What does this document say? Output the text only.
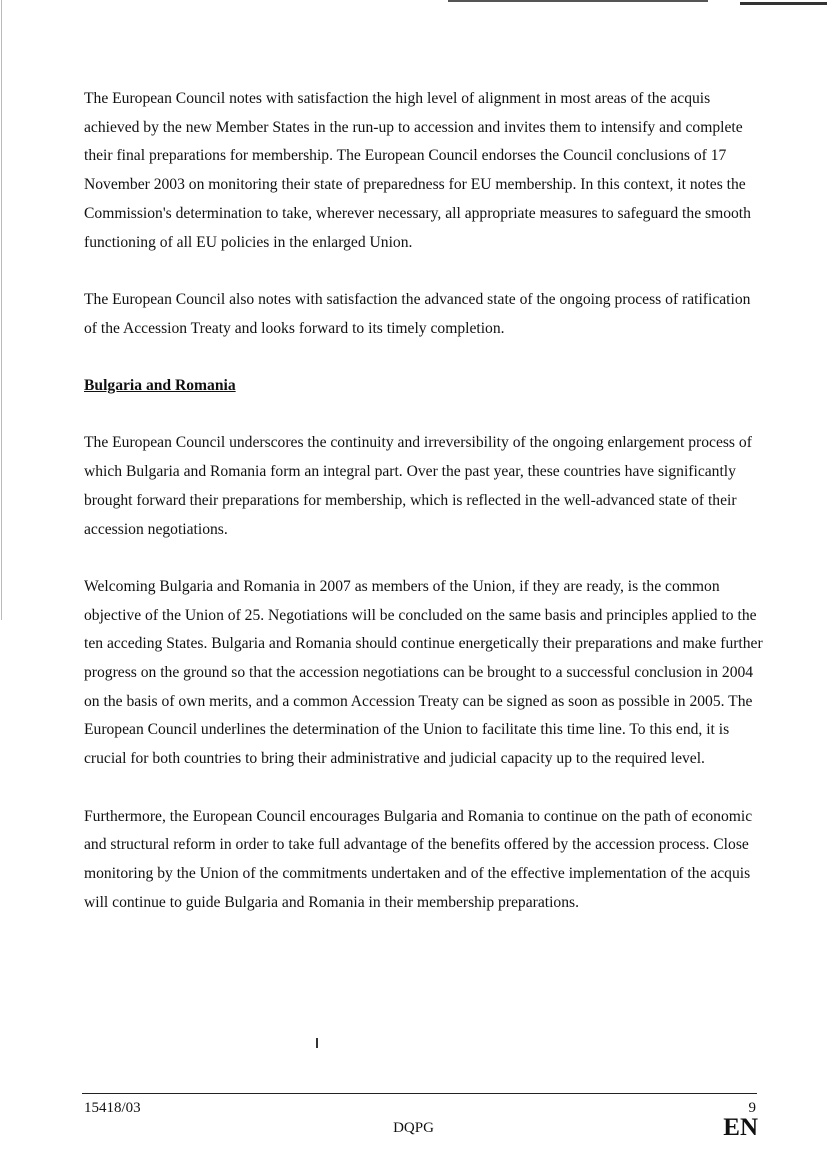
The European Council notes with satisfaction the high level of alignment in most areas of the acquis achieved by the new Member States in the run-up to accession and invites them to intensify and complete their final preparations for membership. The European Council endorses the Council conclusions of 17 November 2003 on monitoring their state of preparedness for EU membership. In this context, it notes the Commission's determination to take, wherever necessary, all appropriate measures to safeguard the smooth functioning of all EU policies in the enlarged Union.

The European Council also notes with satisfaction the advanced state of the ongoing process of ratification of the Accession Treaty and looks forward to its timely completion.

Bulgaria and Romania

The European Council underscores the continuity and irreversibility of the ongoing enlargement process of which Bulgaria and Romania form an integral part. Over the past year, these countries have significantly brought forward their preparations for membership, which is reflected in the well-advanced state of their accession negotiations.

Welcoming Bulgaria and Romania in 2007 as members of the Union, if they are ready, is the common objective of the Union of 25. Negotiations will be concluded on the same basis and principles applied to the ten acceding States. Bulgaria and Romania should continue energetically their preparations and make further progress on the ground so that the accession negotiations can be brought to a successful conclusion in 2004 on the basis of own merits, and a common Accession Treaty can be signed as soon as possible in 2005. The European Council underlines the determination of the Union to facilitate this time line. To this end, it is crucial for both countries to bring their administrative and judicial capacity up to the required level.

Furthermore, the European Council encourages Bulgaria and Romania to continue on the path of economic and structural reform in order to take full advantage of the benefits offered by the accession process. Close monitoring by the Union of the commitments undertaken and of the effective implementation of the acquis will continue to guide Bulgaria and Romania in their membership preparations.

15418/03	9
DQPG	EN
